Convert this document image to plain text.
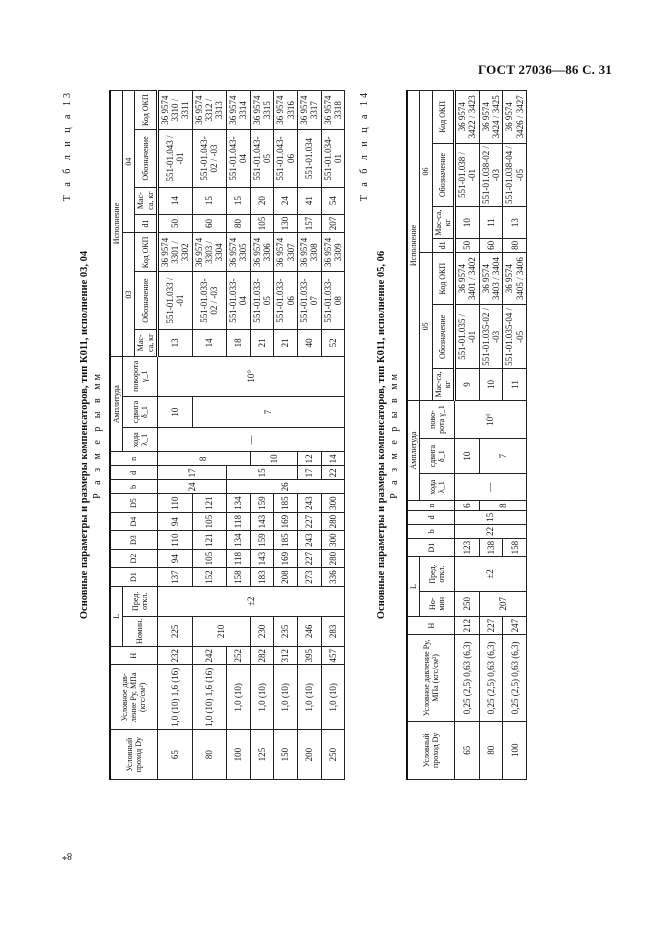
ГОСТ 27036—86 С. 31
8*
Т а б л и ц а 13
Основные параметры и размеры компенсаторов, тип К011, исполнение 03, 04 Р а з м е р ы в мм
Условный проход Dу	Условное дав-ление Pу, МПа (кгс/см²)	H	L		D1	D2	D3	D4	D5	b	d	n	Амплитуда			Исполнение						
			Номин.	Пред. откл.									хода λ_1	сдвига δ_1	поворота γ_1	03			04			
																Мас-са, кг	Обозначение	Код ОКП	d1	Мас-са, кг	Обозначение	Код ОКП
65	1,0 (10) 1,6 (16)	232	225	±2	137	94	110	94	110	24	17	8	—	10	10°	13	551-01.033 / -01	36 9574 3301 / 3302	50	14	551-01.043 / -01	36 9574 3310 / 3311
80	1,0 (10) 1,6 (16)	242	210		152	105	121	105	121					7		14	551-01.033-02 / -03	36 9574 3303 / 3304	60	15	551-01.043-02 / -03	36 9574 3312 / 3313
100	1,0 (10)	252			158	118	134	118	134	26	15					18	551-01.033-04	36 9574 3305	80	15	551-01.043-04	36 9574 3314
125	1,0 (10)	282	230		183	143	159	143	159			10				21	551-01.033-05	36 9574 3306	105	20	551-01.043-05	36 9574 3315
150	1,0 (10)	312	235		208	169	185	169	185							21	551-01.033-06	36 9574 3307	130	24	551-01.043-06	36 9574 3316
200	1,0 (10)	395	246		273	227	243	227	243		17	12				40	551-01.033-07	36 9574 3308	157	41	551-01.034	36 9574 3317
250	1,0 (10)	457	283		336	280	300	280	300		22	14				52	551-01.033-08	36 9574 3309	207	54	551-01.034-01	36 9574 3318 Т а б л и ц а 14
Основные параметры и размеры компенсаторов, тип К011, исполнение 05, 06 Р а з м е р ы в мм
Условный проход Dу	Условное давление Pу, МПа (кгс/см²)	H	L		D1	b	d	n	Амплитуда			Исполнение						
			Но-мин	Пред. откл.					хода λ_1	сдвига δ_1	пово-рота γ_1	05			06			
												Мас-са, кг	Обозначение	Код ОКП	d1	Мас-са, кг	Обозначение	Код ОКП
65	0,25 (2,5) 0,63 (6,3)	212	250	±2	123	22	15	6	—	10	10°	9	551-01.035 / -01	36 9574 3401 / 3402	50	10	551-01.038 / -01	36 9574 3422 / 3423
80	0,25 (2,5) 0,63 (6,3)	227	207		138			8		7		10	551-01.035-02 / -03	36 9574 3403 / 3404	60	11	551-01.038-02 / -03	36 9574 3424 / 3425
100	0,25 (2,5) 0,63 (6,3)	247			158							11	551-01.035-04 / -05	36 9574 3405 / 3406	80	13	551-01.038-04 / -05	36 9574 3426 / 3427
